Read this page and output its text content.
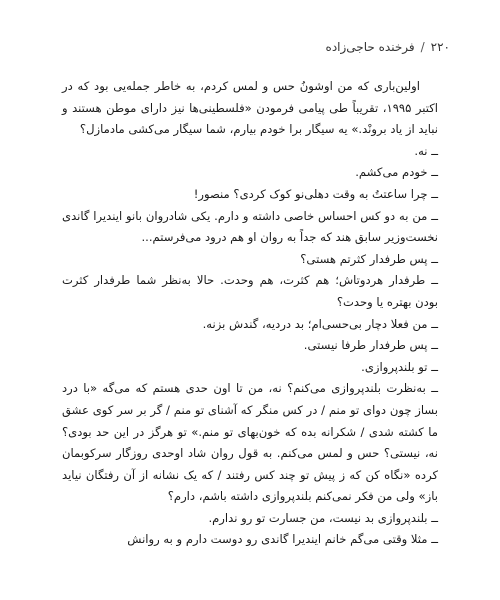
۲۲۰
/
فرخنده حاجی‌زاده

اولین‌باری که من اوشونُ حس و لمس کردم، به خاطر جمله‌یی بود که در اکتبر ۱۹۹۵، تقریباً طی پیامی فرمودن «فلسطینی‌ها نیز دارای موطن هستند و نباید از یاد برونْد.» یه سیگار برا خودم بیارم، شما سیگار می‌کشی مادمازل؟

ــ نه.

ــ خودم می‌کشم.

ــ چرا ساعتتُ به وقت دهلی‌نو کوک کردی؟ منصور!

ــ من به دو کس احساس خاصی داشته و دارم. یکی شادروان بانو ایندیرا گاندی نخست‌وزیر سابق هند که جداً به روان او هم درود می‌فرستم...

ــ پس طرفدار کثرتم هستی؟

ــ طرفدار هردوتاش؛ هم کثرت، هم وحدت. حالا به‌نظر شما طرفدار کثرت بودن بهتره یا وحدت؟

ــ من فعلا دچار بی‌حسی‌ام؛ بد دردیه، گندش بزنه.

ــ پس طرفدار طرفا نیستی.

ــ تو بلندپروازی.

ــ به‌نظرت بلندپروازی می‌کنم؟ نه، من تا اون حدی هستم که می‌گه «با درد بساز چون دوای تو منم / در کس منگر که آشنای تو منم / گر بر سر کوی عشق ما کشته شدی / شکرانه بده که خون‌بهای تو منم.» تو هرگز در این حد بودی؟ نه، نیستی؟ حس و لمس می‌کنم. به قول روان شاد اوحدی روزگار سرکوبمان کرده «نگاه کن که ز پیش تو چند کس رفتند / که یک نشانه از آن رفتگان نیاید باز» ولی من فکر نمی‌کنم بلندپروازی داشته باشم، دارم؟

ــ بلندپروازی بد نیست، من جسارت تو رو ندارم.

ــ مثلا وقتی می‌گم خانم ایندیرا گاندی رو دوست دارم و به روانش
